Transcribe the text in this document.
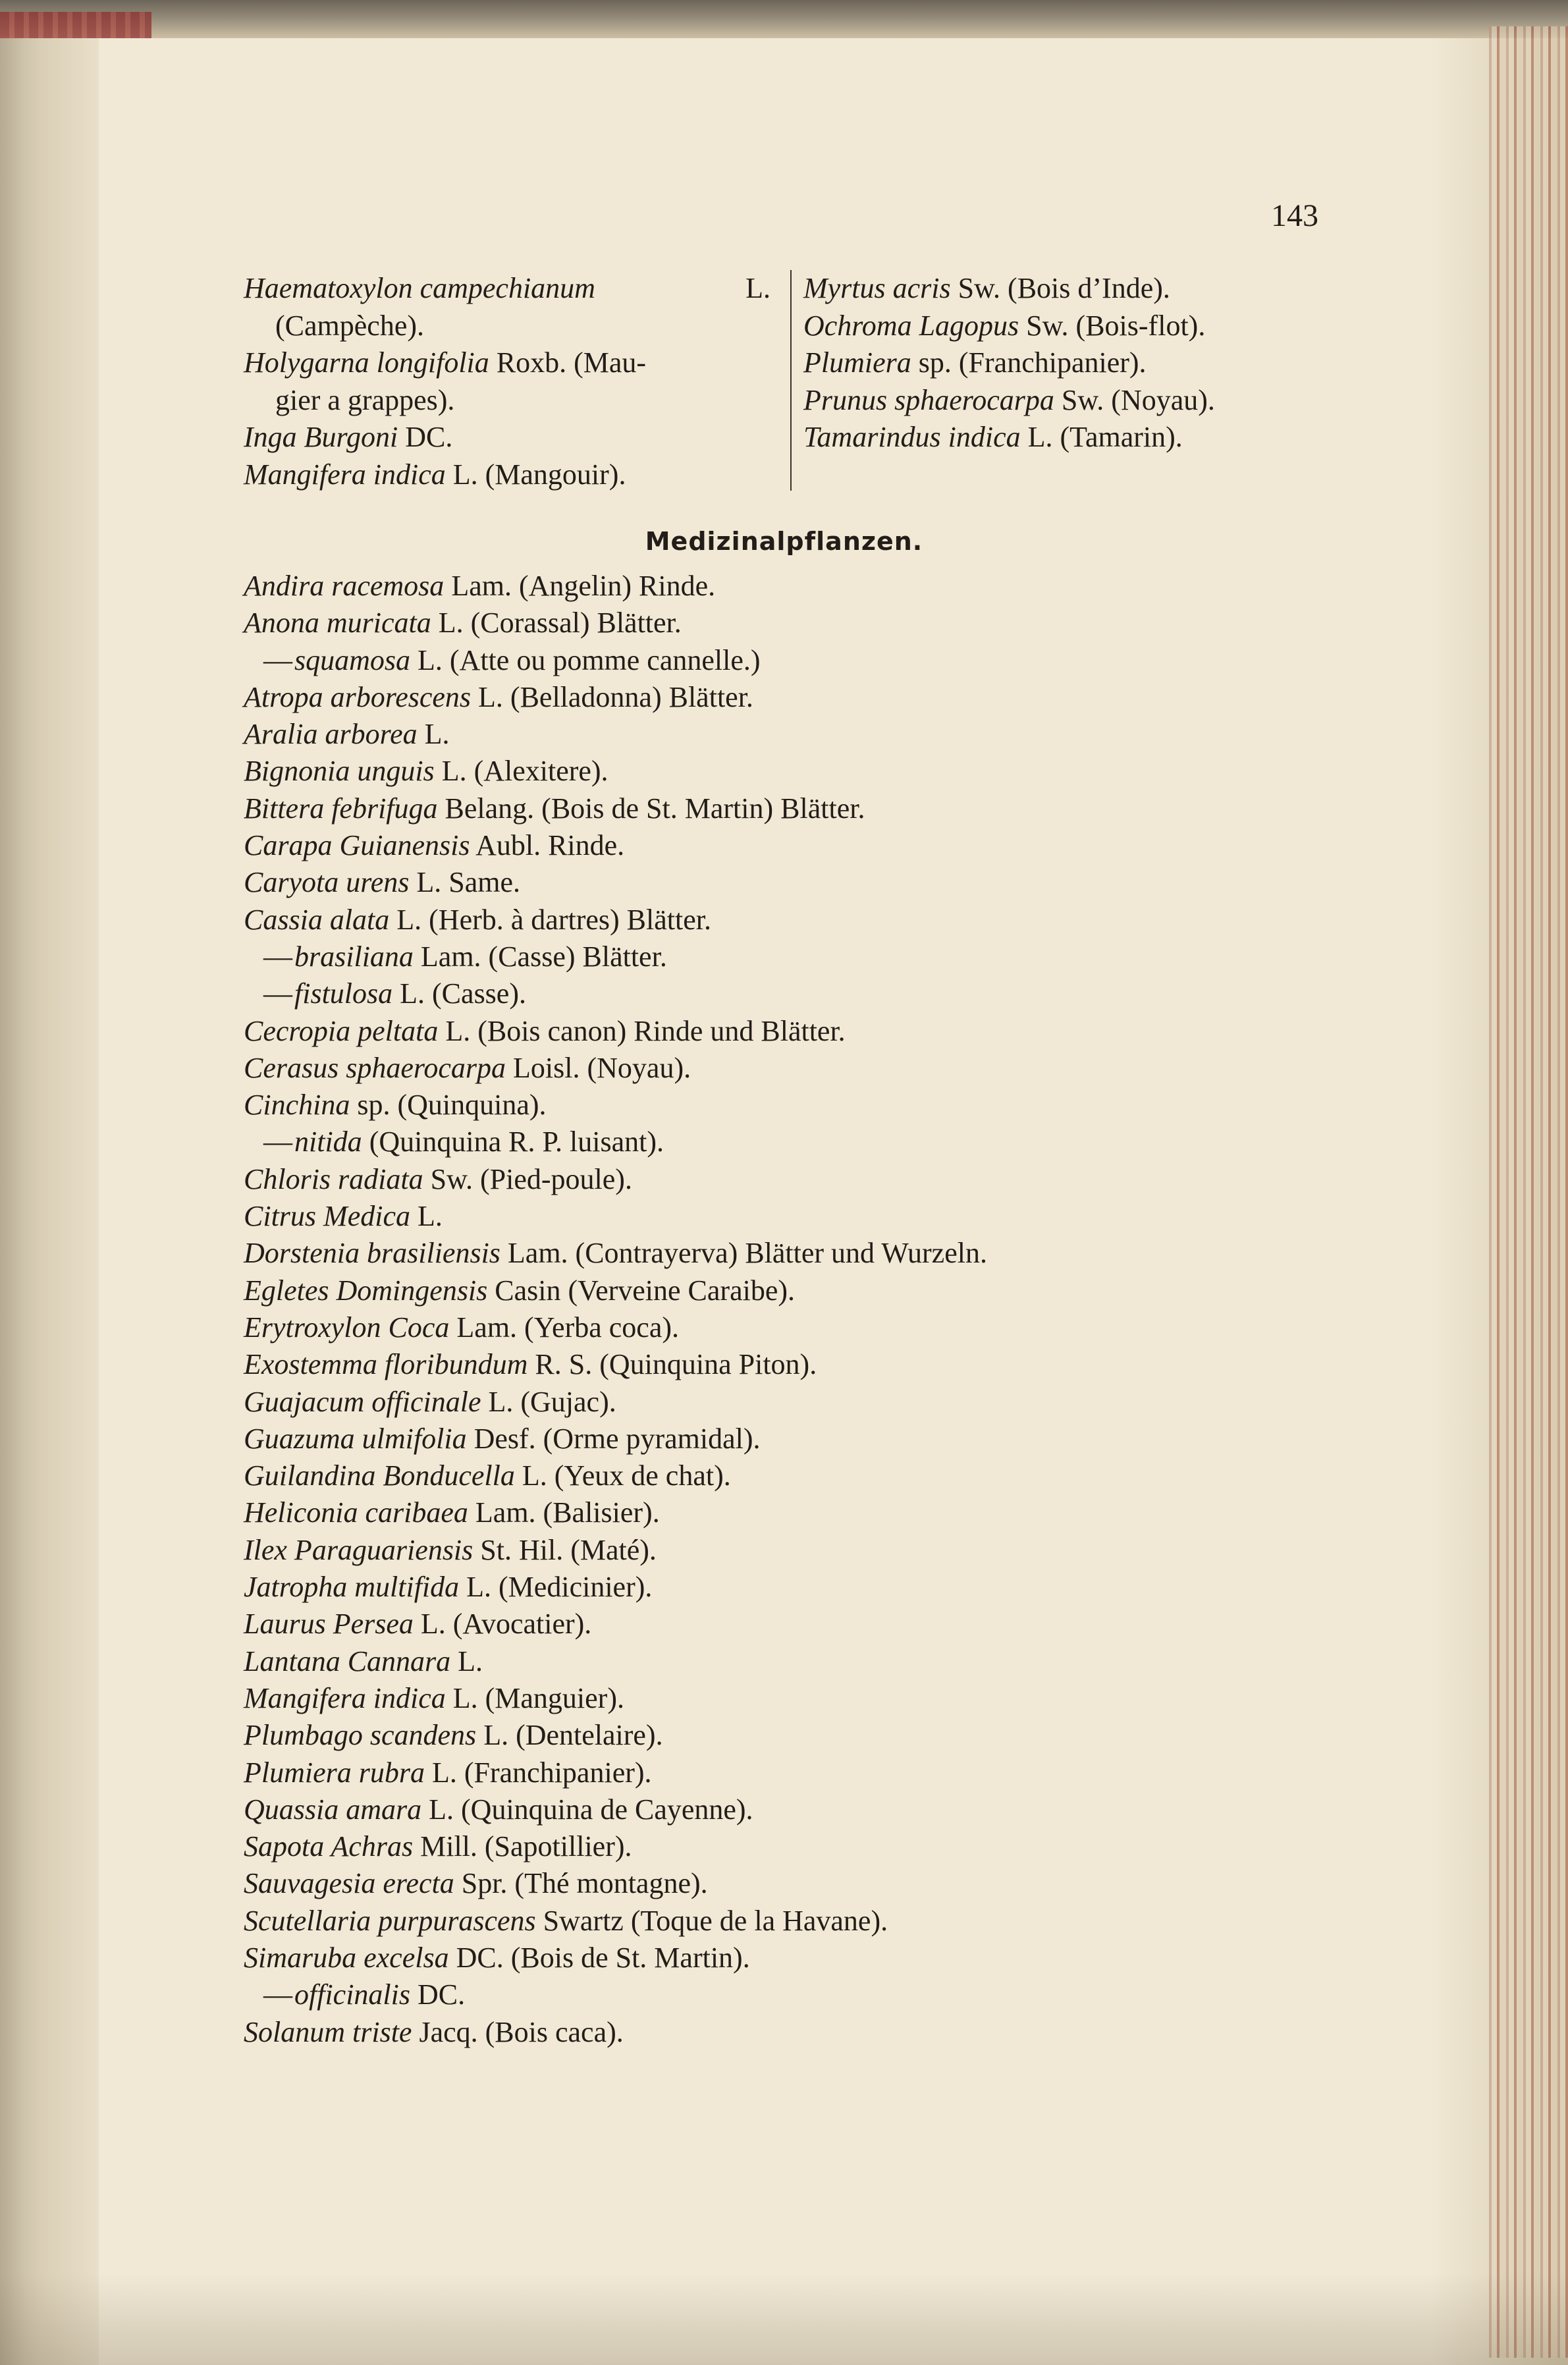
143
Haematoxylon campechianum	L.
(Campèche).
Holygarna longifolia Roxb. (Mau-
gier a grappes).
Inga Burgoni DC.
Mangifera indica L. (Mangouir).
Myrtus acris Sw. (Bois d’Inde).
Ochroma Lagopus Sw. (Bois-flot).
Plumiera sp. (Franchipanier).
Prunus sphaerocarpa Sw. (Noyau).
Tamarindus indica L. (Tamarin).
Medizinalpflanzen.
Andira racemosa Lam. (Angelin) Rinde.
Anona muricata L. (Corassal) Blätter.
— squamosa L. (Atte ou pomme cannelle.)
Atropa arborescens L. (Belladonna) Blätter.
Aralia arborea L.
Bignonia unguis L. (Alexitere).
Bittera febrifuga Belang. (Bois de St. Martin) Blätter.
Carapa Guianensis Aubl. Rinde.
Caryota urens L. Same.
Cassia alata L. (Herb. à dartres) Blätter.
— brasiliana Lam. (Casse) Blätter.
— fistulosa L. (Casse).
Cecropia peltata L. (Bois canon) Rinde und Blätter.
Cerasus sphaerocarpa Loisl. (Noyau).
Cinchina sp. (Quinquina).
— nitida (Quinquina R. P. luisant).
Chloris radiata Sw. (Pied-poule).
Citrus Medica L.
Dorstenia brasiliensis Lam. (Contrayerva) Blätter und Wurzeln.
Egletes Domingensis Casin (Verveine Caraibe).
Erytroxylon Coca Lam. (Yerba coca).
Exostemma floribundum R. S. (Quinquina Piton).
Guajacum officinale L. (Gujac).
Guazuma ulmifolia Desf. (Orme pyramidal).
Guilandina Bonducella L. (Yeux de chat).
Heliconia caribaea Lam. (Balisier).
Ilex Paraguariensis St. Hil. (Maté).
Jatropha multifida L. (Medicinier).
Laurus Persea L. (Avocatier).
Lantana Cannara L.
Mangifera indica L. (Manguier).
Plumbago scandens L. (Dentelaire).
Plumiera rubra L. (Franchipanier).
Quassia amara L. (Quinquina de Cayenne).
Sapota Achras Mill. (Sapotillier).
Sauvagesia erecta Spr. (Thé montagne).
Scutellaria purpurascens Swartz (Toque de la Havane).
Simaruba excelsa DC. (Bois de St. Martin).
— officinalis DC.
Solanum triste Jacq. (Bois caca).
